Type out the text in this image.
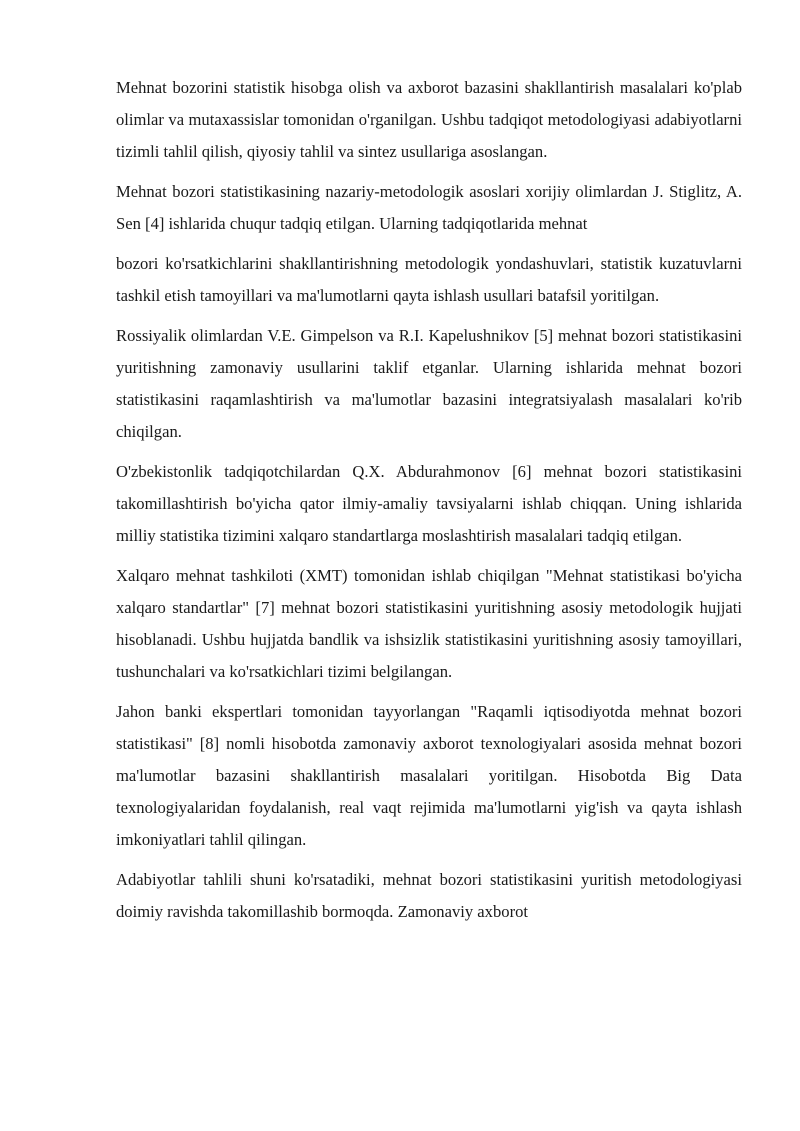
Mehnat bozorini statistik hisobga olish va axborot bazasini shakllantirish masalalari ko'plab olimlar va mutaxassislar tomonidan o'rganilgan. Ushbu tadqiqot metodologiyasi adabiyotlarni tizimli tahlil qilish, qiyosiy tahlil va sintez usullariga asoslangan.

Mehnat bozori statistikasining nazariy-metodologik asoslari xorijiy olimlardan J. Stiglitz, A. Sen [4] ishlarida chuqur tadqiq etilgan. Ularning tadqiqotlarida mehnat

bozori ko'rsatkichlarini shakllantirishning metodologik yondashuvlari, statistik kuzatuvlarni tashkil etish tamoyillari va ma'lumotlarni qayta ishlash usullari batafsil yoritilgan.

Rossiyalik olimlardan V.E. Gimpelson va R.I. Kapelushnikov [5] mehnat bozori statistikasini yuritishning zamonaviy usullarini taklif etganlar. Ularning ishlarida mehnat bozori statistikasini raqamlashtirish va ma'lumotlar bazasini integratsiyalash masalalari ko'rib chiqilgan.

O'zbekistonlik tadqiqotchilardan Q.X. Abdurahmonov [6] mehnat bozori statistikasini takomillashtirish bo'yicha qator ilmiy-amaliy tavsiyalarni ishlab chiqqan. Uning ishlarida milliy statistika tizimini xalqaro standartlarga moslashtirish masalalari tadqiq etilgan.

Xalqaro mehnat tashkiloti (XMT) tomonidan ishlab chiqilgan "Mehnat statistikasi bo'yicha xalqaro standartlar" [7] mehnat bozori statistikasini yuritishning asosiy metodologik hujjati hisoblanadi. Ushbu hujjatda bandlik va ishsizlik statistikasini yuritishning asosiy tamoyillari, tushunchalari va ko'rsatkichlari tizimi belgilangan.

Jahon banki ekspertlari tomonidan tayyorlangan "Raqamli iqtisodiyotda mehnat bozori statistikasi" [8] nomli hisobotda zamonaviy axborot texnologiyalari asosida mehnat bozori ma'lumotlar bazasini shakllantirish masalalari yoritilgan. Hisobotda Big Data texnologiyalaridan foydalanish, real vaqt rejimida ma'lumotlarni yig'ish va qayta ishlash imkoniyatlari tahlil qilingan.

Adabiyotlar tahlili shuni ko'rsatadiki, mehnat bozori statistikasini yuritish metodologiyasi doimiy ravishda takomillashib bormoqda. Zamonaviy axborot
